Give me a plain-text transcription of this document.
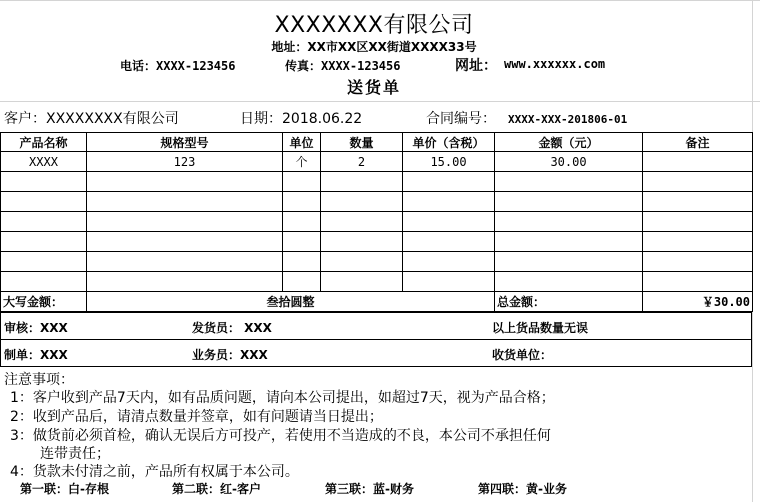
XXXXXXX有限公司
地址：XX市XX区XX街道XXXX33号
电话：XXXX-123456	传真：XXXX-123456	网址： www.xxxxxx.com
送货单
客户：XXXXXXXX有限公司	日期：2018.06.22	合同编号： XXXX-XXX-201806-01
产品名称	规格型号	单位	数量	单价（含税）	金额（元）	备注
XXXX	123	个	2	15.00	30.00	

大写金额：	叁拾圆整				总金额：	￥30.00
审核：XXX	发货员： XXX	以上货品数量无误
制单：XXX	业务员：XXX	收货单位：
注意事项：
1：客户收到产品7天内，如有品质问题，请向本公司提出，如超过7天，视为产品合格；
2：收到产品后，请清点数量并签章，如有问题请当日提出；
3：做货前必须首检，确认无误后方可投产，若使用不当造成的不良，本公司不承担任何
连带责任；
4：货款未付清之前，产品所有权属于本公司。
第一联：白-存根	第二联：红-客户	第三联：蓝-财务	第四联：黄-业务
